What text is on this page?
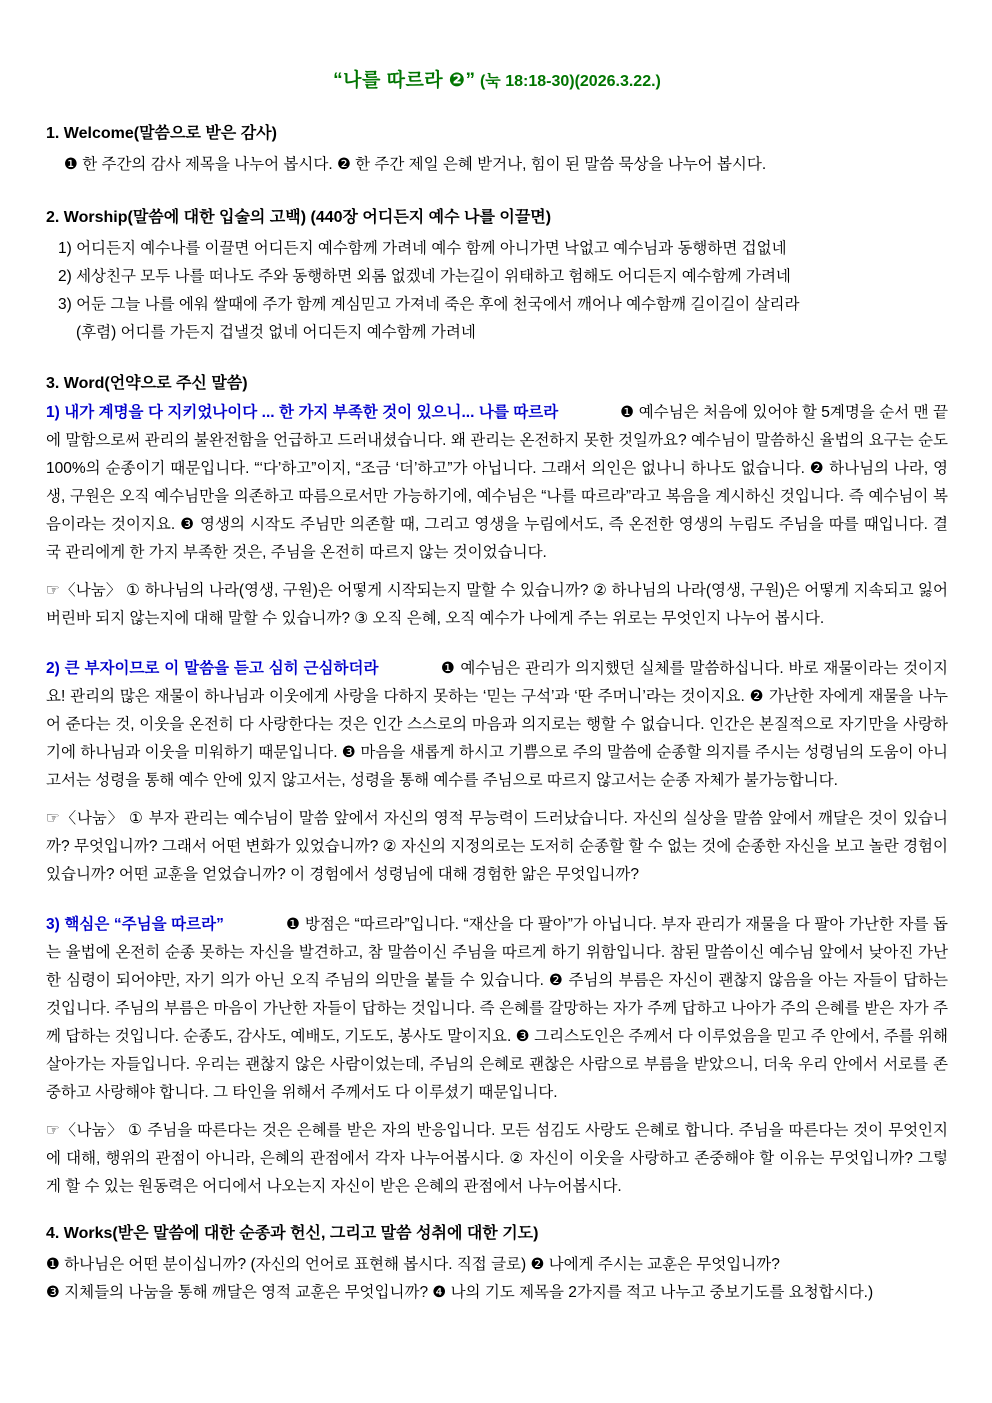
“나를 따르라 ❷” (눅 18:18-30)(2026.3.22.)
1. Welcome(말씀으로 받은 감사)

❶ 한 주간의 감사 제목을 나누어 봅시다. ❷ 한 주간 제일 은혜 받거나, 힘이 된 말씀 묵상을 나누어 봅시다.

2. Worship(말씀에 대한 입술의 고백) (440장 어디든지 예수 나를 이끌면)

1) 어디든지 예수나를 이끌면 어디든지 예수함께 가려네 예수 함께 아니가면 낙없고 예수님과 동행하면 겁없네

2) 세상친구 모두 나를 떠나도 주와 동행하면 외롬 없겠네 가는길이 위태하고 험해도 어디든지 예수함께 가려네

3) 어둔 그늘 나를 에워 쌀때에 주가 함께 계심믿고 가져네 죽은 후에 천국에서 깨어나 예수함깨 길이길이 살리라

(후렴) 어디를 가든지 겁낼것 없네 어디든지 예수함께 가려네

3. Word(언약으로 주신 말씀)

1) 내가 계명을 다 지키었나이다 ... 한 가지 부족한 것이 있으니... 나를 따르라	❶ 예수님은 처음에 있어야 할 5계명을 순서 맨 끝에 말함으로써 관리의 불완전함을 언급하고 드러내셨습니다. 왜 관리는 온전하지 못한 것일까요? 예수님이 말씀하신 율법의 요구는 순도 100%의 순종이기 때문입니다. “‘다’하고”이지, “조금 ‘더’하고”가 아닙니다. 그래서 의인은 없나니 하나도 없습니다. ❷ 하나님의 나라, 영생, 구원은 오직 예수님만을 의존하고 따름으로서만 가능하기에, 예수님은 “나를 따르라”라고 복음을 계시하신 것입니다. 즉 예수님이 복음이라는 것이지요. ❸ 영생의 시작도 주님만 의존할 때, 그리고 영생을 누림에서도, 즉 온전한 영생의 누림도 주님을 따를 때입니다. 결국 관리에게 한 가지 부족한 것은, 주님을 온전히 따르지 않는 것이었습니다.

☞〈나눔〉 ① 하나님의 나라(영생, 구원)은 어떻게 시작되는지 말할 수 있습니까? ② 하나님의 나라(영생, 구원)은 어떻게 지속되고 잃어버린바 되지 않는지에 대해 말할 수 있습니까? ③ 오직 은혜, 오직 예수가 나에게 주는 위로는 무엇인지 나누어 봅시다.

2) 큰 부자이므로 이 말씀을 듣고 심히 근심하더라	❶ 예수님은 관리가 의지했던 실체를 말씀하십니다. 바로 재물이라는 것이지요! 관리의 많은 재물이 하나님과 이웃에게 사랑을 다하지 못하는 ‘믿는 구석’과 ‘딴 주머니’라는 것이지요. ❷ 가난한 자에게 재물을 나누어 준다는 것, 이웃을 온전히 다 사랑한다는 것은 인간 스스로의 마음과 의지로는 행할 수 없습니다. 인간은 본질적으로 자기만을 사랑하기에 하나님과 이웃을 미워하기 때문입니다. ❸ 마음을 새롭게 하시고 기쁨으로 주의 말씀에 순종할 의지를 주시는 성령님의 도움이 아니고서는 성령을 통해 예수 안에 있지 않고서는, 성령을 통해 예수를 주님으로 따르지 않고서는 순종 자체가 불가능합니다.

☞〈나눔〉 ① 부자 관리는 예수님이 말씀 앞에서 자신의 영적 무능력이 드러났습니다. 자신의 실상을 말씀 앞에서 깨달은 것이 있습니까? 무엇입니까? 그래서 어떤 변화가 있었습니까? ② 자신의 지정의로는 도저히 순종할 할 수 없는 것에 순종한 자신을 보고 놀란 경험이 있습니까? 어떤 교훈을 얻었습니까? 이 경험에서 성령님에 대해 경험한 앎은 무엇입니까?

3) 핵심은 “주님을 따르라”	❶ 방점은 “따르라”입니다. “재산을 다 팔아”가 아닙니다. 부자 관리가 재물을 다 팔아 가난한 자를 돕는 율법에 온전히 순종 못하는 자신을 발견하고, 참 말씀이신 주님을 따르게 하기 위함입니다. 참된 말씀이신 예수님 앞에서 낮아진 가난한 심령이 되어야만, 자기 의가 아닌 오직 주님의 의만을 붙들 수 있습니다. ❷ 주님의 부름은 자신이 괜찮지 않음을 아는 자들이 답하는 것입니다. 주님의 부름은 마음이 가난한 자들이 답하는 것입니다. 즉 은혜를 갈망하는 자가 주께 답하고 나아가 주의 은혜를 받은 자가 주께 답하는 것입니다. 순종도, 감사도, 예배도, 기도도, 봉사도 말이지요. ❸ 그리스도인은 주께서 다 이루었음을 믿고 주 안에서, 주를 위해 살아가는 자들입니다. 우리는 괜찮지 않은 사람이었는데, 주님의 은혜로 괜찮은 사람으로 부름을 받았으니, 더욱 우리 안에서 서로를 존중하고 사랑해야 합니다. 그 타인을 위해서 주께서도 다 이루셨기 때문입니다.

☞〈나눔〉 ① 주님을 따른다는 것은 은혜를 받은 자의 반응입니다. 모든 섬김도 사랑도 은혜로 합니다. 주님을 따른다는 것이 무엇인지에 대해, 행위의 관점이 아니라, 은혜의 관점에서 각자 나누어봅시다. ② 자신이 이웃을 사랑하고 존중해야 할 이유는 무엇입니까? 그렇게 할 수 있는 원동력은 어디에서 나오는지 자신이 받은 은혜의 관점에서 나누어봅시다.

4. Works(받은 말씀에 대한 순종과 헌신, 그리고 말씀 성취에 대한 기도)

❶ 하나님은 어떤 분이십니까? (자신의 언어로 표현해 봅시다. 직접 글로) ❷ 나에게 주시는 교훈은 무엇입니까?

❸ 지체들의 나눔을 통해 깨달은 영적 교훈은 무엇입니까? ❹ 나의 기도 제목을 2가지를 적고 나누고 중보기도를 요청합시다.)
